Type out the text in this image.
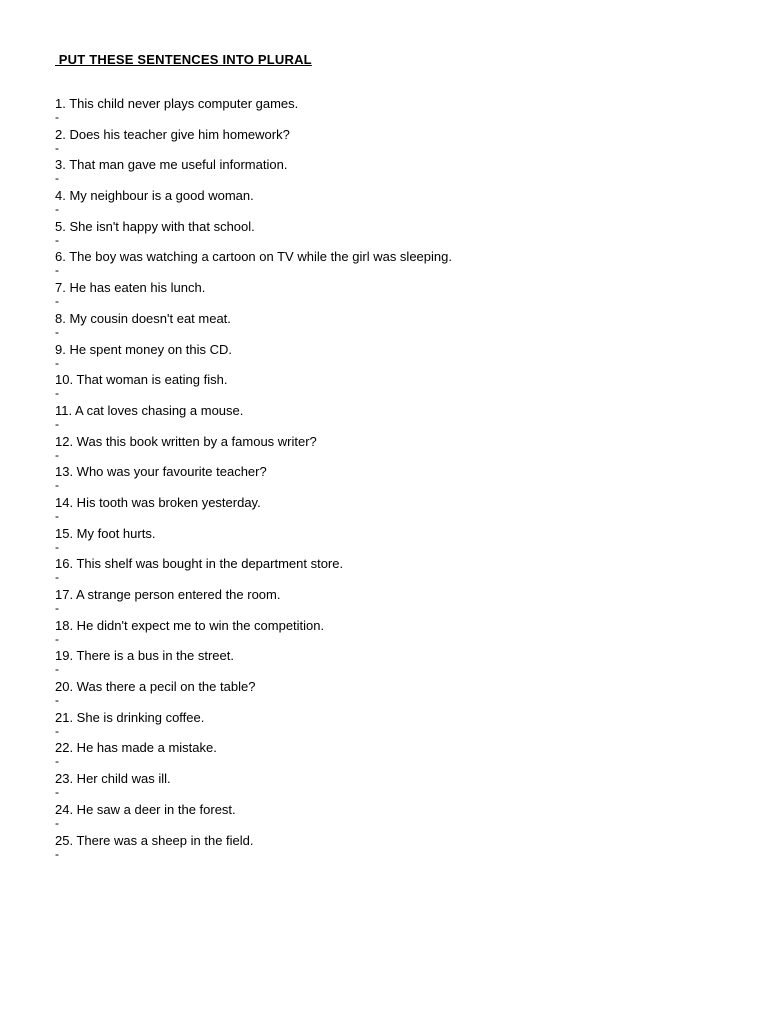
PUT THESE SENTENCES INTO PLURAL
1. This child never plays computer games.
-
2. Does his teacher give him homework?
-
3. That man gave me useful information.
-
4. My neighbour is a good woman.
-
5. She isn't happy with that school.
-
6. The boy was watching a cartoon on TV while the girl was sleeping.
-
7. He has eaten his lunch.
-
8. My cousin doesn't eat meat.
-
9. He spent money on this CD.
-
10. That woman is eating fish.
-
11. A cat loves chasing a mouse.
-
12. Was this book written by a famous writer?
-
13. Who was your favourite teacher?
-
14. His tooth was broken yesterday.
-
15. My foot hurts.
-
16. This shelf was bought in the department store.
-
17. A strange person entered the room.
-
18. He didn't expect me to win the competition.
-
19. There is a bus in the street.
-
20. Was there a pecil on the table?
-
21. She is drinking coffee.
-
22. He has made a mistake.
-
23. Her child was ill.
-
24. He saw a deer in the forest.
-
25. There was a sheep in the field.
-
